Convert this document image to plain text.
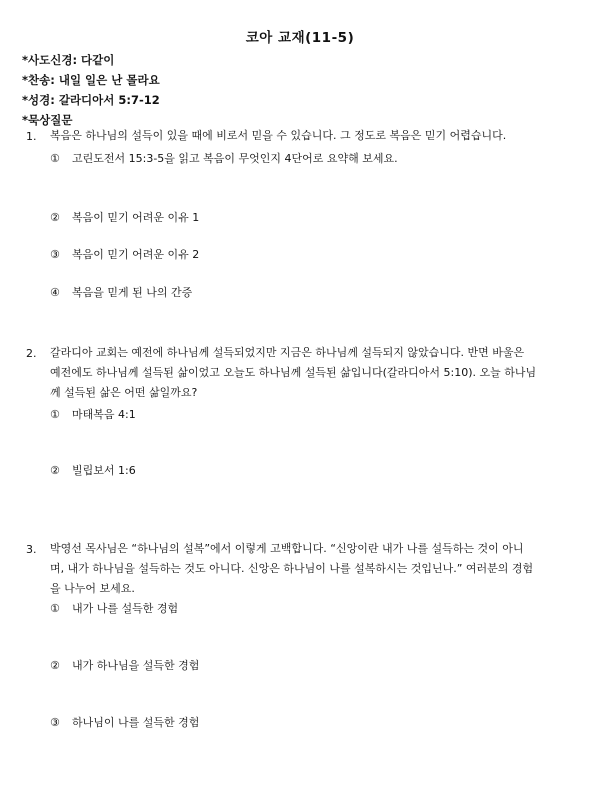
코아 교재(11-5)
*사도신경: 다같이
*찬송: 내일 일은 난 몰라요
*성경: 갈라디아서 5:7-12
*묵상질문
1. 복음은 하나님의 설득이 있을 때에 비로서 믿을 수 있습니다. 그 정도로 복음은 믿기 어렵습니다.
① 고린도전서 15:3-5을 읽고 복음이 무엇인지 4단어로 요약해 보세요.
② 복음이 믿기 어려운 이유 1
③ 복음이 믿기 어려운 이유 2
④ 복음을 믿게 된 나의 간증
2. 갈라디아 교회는 예전에 하나님께 설득되었지만 지금은 하나님께 설득되지 않았습니다. 반면 바울은
예전에도 하나님께 설득된 삶이었고 오늘도 하나님께 설득된 삶입니다(갈라디아서 5:10). 오늘 하나님
께 설득된 삶은 어떤 삶일까요?
① 마태복음 4:1
② 빌립보서 1:6
3. 박영선 목사님은 “하나님의 설복”에서 이렇게 고백합니다. “신앙이란 내가 나를 설득하는 것이 아니
며, 내가 하나님을 설득하는 것도 아니다. 신앙은 하나님이 나를 설복하시는 것입닌나.” 여러분의 경험
을 나누어 보세요.
① 내가 나를 설득한 경험
② 내가 하나님을 설득한 경험
③ 하나님이 나를 설득한 경험
